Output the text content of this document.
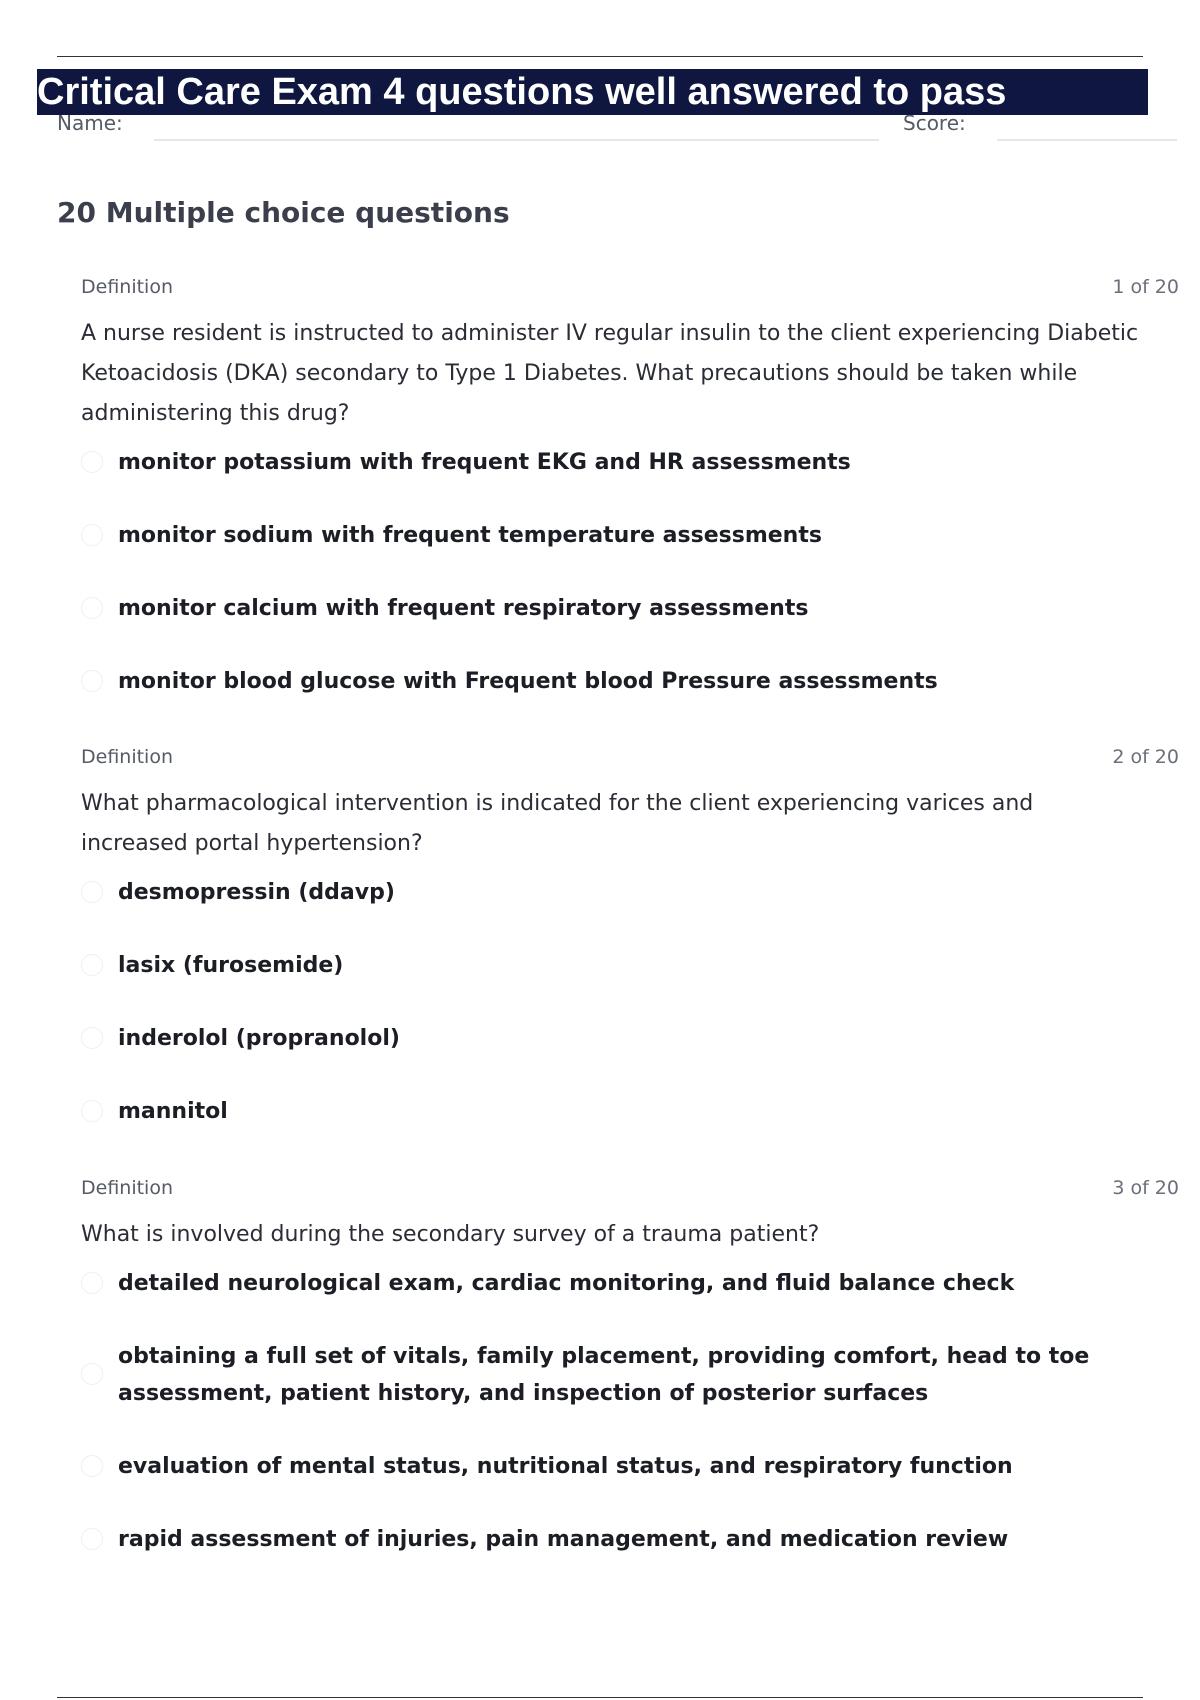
Critical Care Exam 4 questions well answered to pass
Name:	Score:
20 Multiple choice questions
Definition	1 of 20
A nurse resident is instructed to administer IV regular insulin to the client experiencing Diabetic Ketoacidosis (DKA) secondary to Type 1 Diabetes. What precautions should be taken while administering this drug?
monitor potassium with frequent EKG and HR assessments
monitor sodium with frequent temperature assessments
monitor calcium with frequent respiratory assessments
monitor blood glucose with Frequent blood Pressure assessments
Definition	2 of 20
What pharmacological intervention is indicated for the client experiencing varices and increased portal hypertension?
desmopressin (ddavp)
lasix (furosemide)
inderolol (propranolol)
mannitol
Definition	3 of 20
What is involved during the secondary survey of a trauma patient?
detailed neurological exam, cardiac monitoring, and fluid balance check
obtaining a full set of vitals, family placement, providing comfort, head to toe assessment, patient history, and inspection of posterior surfaces
evaluation of mental status, nutritional status, and respiratory function
rapid assessment of injuries, pain management, and medication review
